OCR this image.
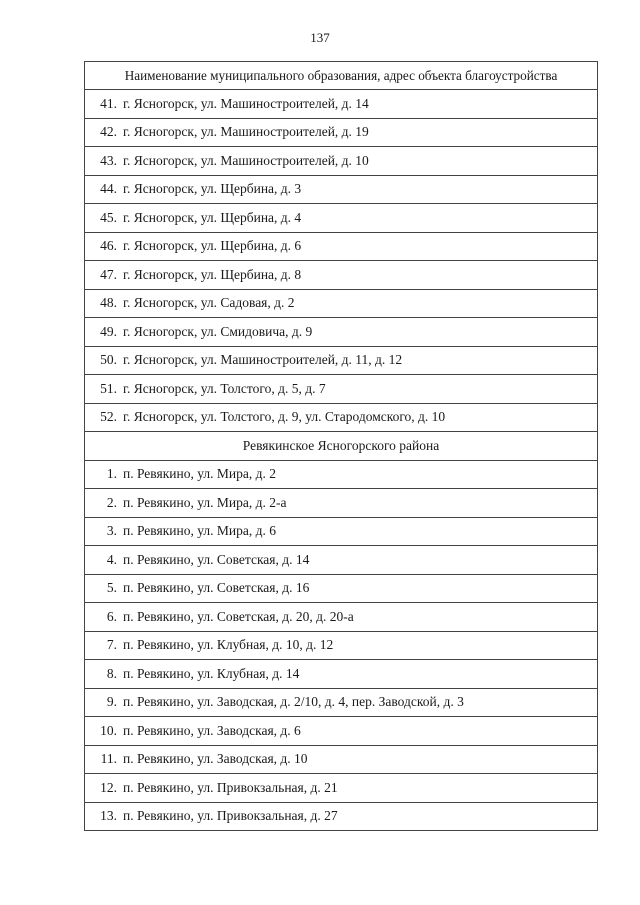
137
Наименование муниципального образования, адрес объекта благоустройства
41. г. Ясногорск, ул. Машиностроителей, д. 14
42. г. Ясногорск, ул. Машиностроителей, д. 19
43. г. Ясногорск, ул. Машиностроителей, д. 10
44. г. Ясногорск, ул. Щербина, д. 3
45. г. Ясногорск, ул. Щербина, д. 4
46. г. Ясногорск, ул. Щербина, д. 6
47. г. Ясногорск, ул. Щербина, д. 8
48. г. Ясногорск, ул. Садовая, д. 2
49. г. Ясногорск, ул. Смидовича, д. 9
50. г. Ясногорск, ул. Машиностроителей, д. 11, д. 12
51. г. Ясногорск, ул. Толстого, д. 5, д. 7
52. г. Ясногорск, ул. Толстого, д. 9, ул. Стародомского, д. 10
Ревякинское Ясногорского района
1. п. Ревякино, ул. Мира, д. 2
2. п. Ревякино, ул. Мира, д. 2-а
3. п. Ревякино, ул. Мира, д. 6
4. п. Ревякино, ул. Советская, д. 14
5. п. Ревякино, ул. Советская, д. 16
6. п. Ревякино, ул. Советская, д. 20, д. 20-а
7. п. Ревякино, ул. Клубная, д. 10, д. 12
8. п. Ревякино, ул. Клубная, д. 14
9. п. Ревякино, ул. Заводская, д. 2/10, д. 4, пер. Заводской, д. 3
10. п. Ревякино, ул. Заводская, д. 6
11. п. Ревякино, ул. Заводская, д. 10
12. п. Ревякино, ул. Привокзальная, д. 21
13. п. Ревякино, ул. Привокзальная, д. 27
